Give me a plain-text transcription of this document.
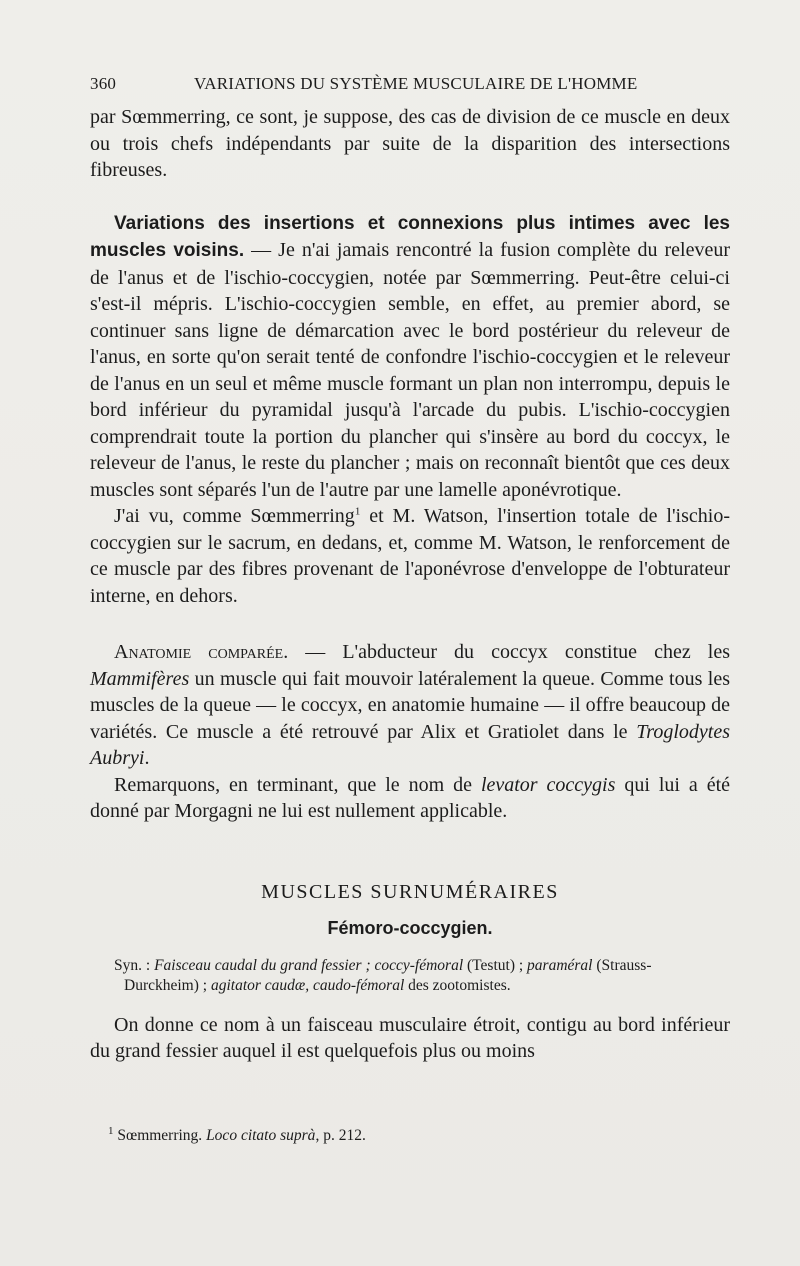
360	VARIATIONS DU SYSTÈME MUSCULAIRE DE L'HOMME

par Sœmmerring, ce sont, je suppose, des cas de division de ce muscle en deux ou trois chefs indépendants par suite de la disparition des intersections fibreuses.

Variations des insertions et connexions plus intimes avec les muscles voisins. — Je n'ai jamais rencontré la fusion complète du releveur de l'anus et de l'ischio-coccygien, notée par Sœmmerring. Peut-être celui-ci s'est-il mépris. L'ischio-coccygien semble, en effet, au premier abord, se continuer sans ligne de démarcation avec le bord postérieur du releveur de l'anus, en sorte qu'on serait tenté de confondre l'ischio-coccygien et le releveur de l'anus en un seul et même muscle formant un plan non interrompu, depuis le bord inférieur du pyramidal jusqu'à l'arcade du pubis. L'ischio-coccygien comprendrait toute la portion du plancher qui s'insère au bord du coccyx, le releveur de l'anus, le reste du plancher ; mais on reconnaît bientôt que ces deux muscles sont séparés l'un de l'autre par une lamelle aponévrotique.

J'ai vu, comme Sœmmerring$^1$ et M. Watson, l'insertion totale de l'ischio-coccygien sur le sacrum, en dedans, et, comme M. Watson, le renforcement de ce muscle par des fibres provenant de l'aponévrose d'enveloppe de l'obturateur interne, en dehors.

Anatomie comparée. — L'abducteur du coccyx constitue chez les Mammifères un muscle qui fait mouvoir latéralement la queue. Comme tous les muscles de la queue — le coccyx, en anatomie humaine — il offre beaucoup de variétés. Ce muscle a été retrouvé par Alix et Gratiolet dans le Troglodytes Aubryi.

Remarquons, en terminant, que le nom de levator coccygis qui lui a été donné par Morgagni ne lui est nullement applicable.

MUSCLES SURNUMÉRAIRES

Fémoro-coccygien.

Syn. : Faisceau caudal du grand fessier ; coccy-fémoral (Testut) ; paraméral (Strauss-
Durckheim) ; agitator caudæ, caudo-fémoral des zootomistes.

On donne ce nom à un faisceau musculaire étroit, contigu au bord inférieur du grand fessier auquel il est quelquefois plus ou moins

$^1$ Sœmmerring. Loco citato suprà, p. 212.
